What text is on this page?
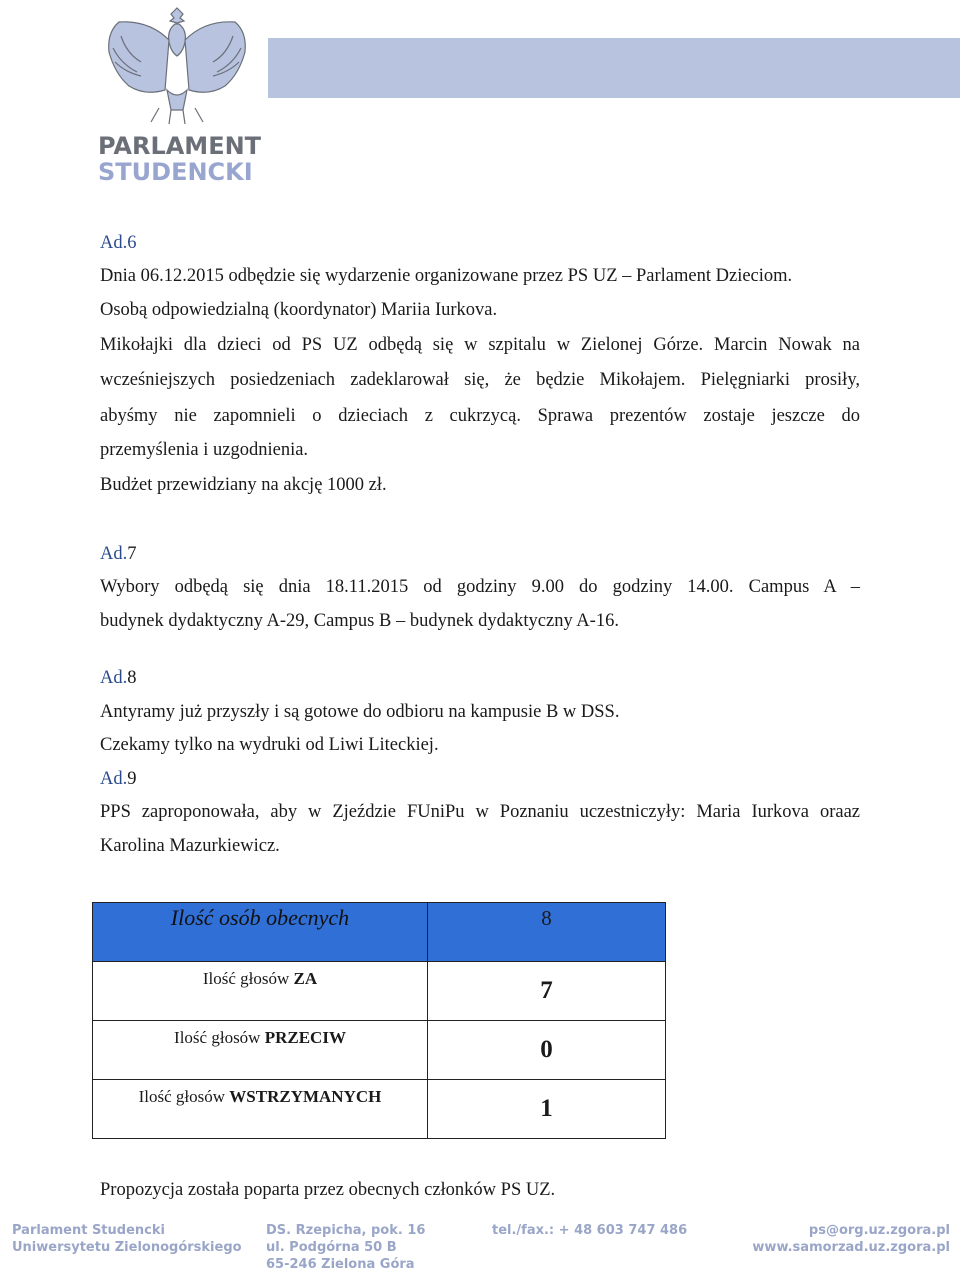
PARLAMENT
STUDENCKI
Ad.6
Dnia 06.12.2015 odbędzie się wydarzenie organizowane przez PS UZ – Parlament Dzieciom.
Osobą odpowiedzialną (koordynator) Mariia Iurkova.
Mikołajki dla dzieci od PS UZ odbędą się w szpitalu w Zielonej Górze. Marcin Nowak na
wcześniejszych posiedzeniach zadeklarował się, że będzie Mikołajem. Pielęgniarki prosiły,
abyśmy nie zapomnieli o dzieciach z cukrzycą. Sprawa prezentów zostaje jeszcze do
przemyślenia i uzgodnienia.
Budżet przewidziany na akcję 1000 zł.
Ad.7
Wybory odbędą się dnia 18.11.2015 od godziny 9.00 do godziny 14.00. Campus A –
budynek dydaktyczny A-29, Campus B – budynek dydaktyczny A-16.
Ad.8
Antyramy już przyszły i są gotowe do odbioru na kampusie B w DSS.
Czekamy tylko na wydruki od Liwi Liteckiej.
Ad.9
PPS zaproponowała, aby w Zjeździe FUniPu w Poznaniu uczestniczyły: Maria Iurkova oraaz
Karolina Mazurkiewicz.
Ilość osób obecnych	8
Ilość głosów ZA	7
Ilość głosów PRZECIW	0
Ilość głosów WSTRZYMANYCH	1
Propozycja została poparta przez obecnych członków PS UZ.
Parlament Studencki
Uniwersytetu Zielonogórskiego
DS. Rzepicha, pok. 16
ul. Podgórna 50 B
65-246 Zielona Góra
tel./fax.: + 48 603 747 486	ps@org.uz.zgora.pl
www.samorzad.uz.zgora.pl
